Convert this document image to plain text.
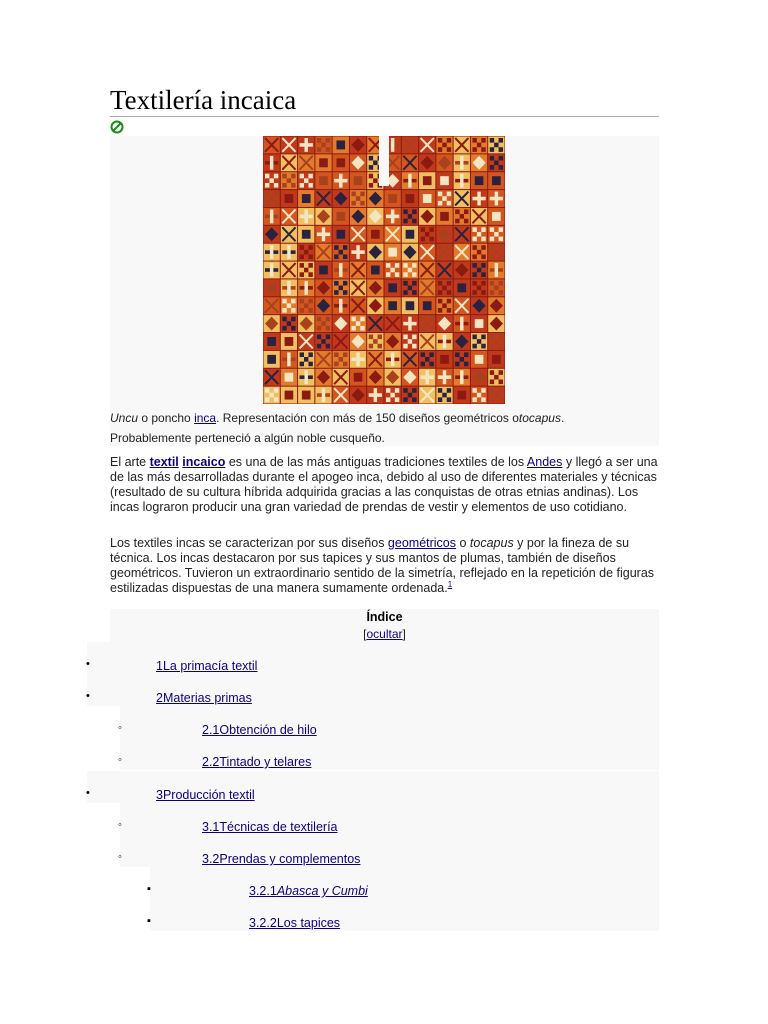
Textilería incaica
Uncu o poncho inca. Representación con más de 150 diseños geométricos otocapus.
Probablemente perteneció a algún noble cusqueño.

El arte textil incaico es una de las más antiguas tradiciones textiles de los Andes y llegó a ser una de las más desarrolladas durante el apogeo inca, debido al uso de diferentes materiales y técnicas (resultado de su cultura híbrida adquirida gracias a las conquistas de otras etnias andinas). Los incas lograron producir una gran variedad de prendas de vestir y elementos de uso cotidiano.

Los textiles incas se caracterizan por sus diseños geométricos o tocapus y por la fineza de su técnica. Los incas destacaron por sus tapices y sus mantos de plumas, también de diseños geométricos. Tuvieron un extraordinario sentido de la simetría, reflejado en la repetición de figuras estilizadas dispuestas de una manera sumamente ordenada.$^1$

Índice
[ocultar]
•	1La primacía textil
•	2Materias primas
◦	2.1Obtención de hilo
◦	2.2Tintado y telares
•	3Producción textil
◦	3.1Técnicas de textilería
◦	3.2Prendas y complementos
▪	3.2.1Abasca y Cumbi
▪	3.2.2Los tapices
